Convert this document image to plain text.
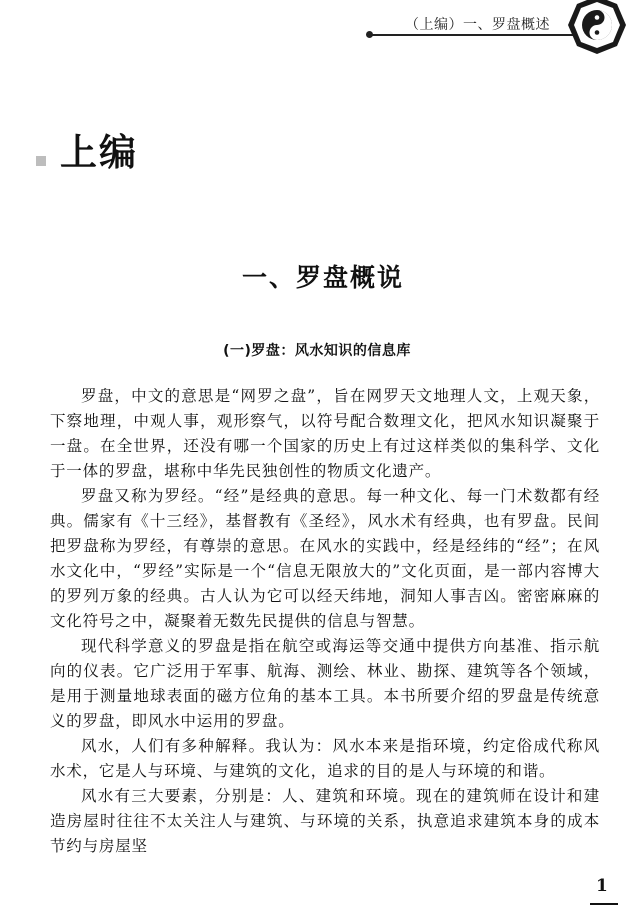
（上编）一、罗盘概述
上编
一、罗盘概说
(一)罗盘：风水知识的信息库

罗盘，中文的意思是“网罗之盘”，旨在网罗天文地理人文，上观天象，下察地理，中观人事，观形察气，以符号配合数理文化，把风水知识凝聚于一盘。在全世界，还没有哪一个国家的历史上有过这样类似的集科学、文化于一体的罗盘，堪称中华先民独创性的物质文化遗产。

罗盘又称为罗经。“经”是经典的意思。每一种文化、每一门术数都有经典。儒家有《十三经》，基督教有《圣经》，风水术有经典，也有罗盘。民间把罗盘称为罗经，有尊崇的意思。在风水的实践中，经是经纬的“经”；在风水文化中，“罗经”实际是一个“信息无限放大的”文化页面，是一部内容博大的罗列万象的经典。古人认为它可以经天纬地，洞知人事吉凶。密密麻麻的文化符号之中，凝聚着无数先民提供的信息与智慧。

现代科学意义的罗盘是指在航空或海运等交通中提供方向基准、指示航向的仪表。它广泛用于军事、航海、测绘、林业、勘探、建筑等各个领域，是用于测量地球表面的磁方位角的基本工具。本书所要介绍的罗盘是传统意义的罗盘，即风水中运用的罗盘。

风水，人们有多种解释。我认为：风水本来是指环境，约定俗成代称风水术，它是人与环境、与建筑的文化，追求的目的是人与环境的和谐。

风水有三大要素，分别是：人、建筑和环境。现在的建筑师在设计和建造房屋时往往不太关注人与建筑、与环境的关系，执意追求建筑本身的成本节约与房屋坚

1
